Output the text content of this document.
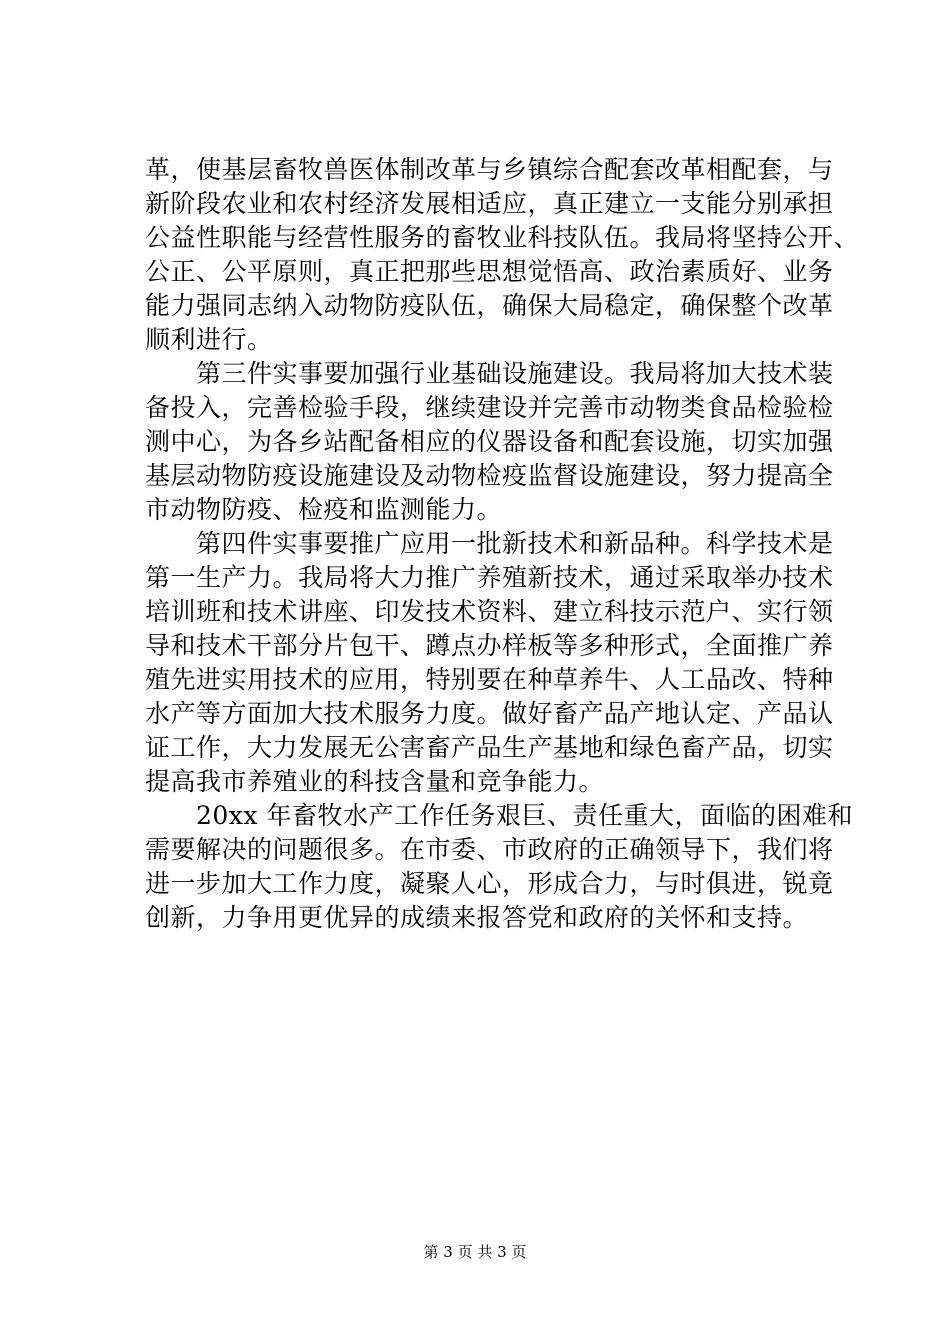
革，使基层畜牧兽医体制改革与乡镇综合配套改革相配套，与
新阶段农业和农村经济发展相适应，真正建立一支能分别承担
公益性职能与经营性服务的畜牧业科技队伍。我局将坚持公开、
公正、公平原则，真正把那些思想觉悟高、政治素质好、业务
能力强同志纳入动物防疫队伍，确保大局稳定，确保整个改革
顺利进行。
　　第三件实事要加强行业基础设施建设。我局将加大技术装
备投入，完善检验手段，继续建设并完善市动物类食品检验检
测中心，为各乡站配备相应的仪器设备和配套设施，切实加强
基层动物防疫设施建设及动物检疫监督设施建设，努力提高全
市动物防疫、检疫和监测能力。
　　第四件实事要推广应用一批新技术和新品种。科学技术是
第一生产力。我局将大力推广养殖新技术，通过采取举办技术
培训班和技术讲座、印发技术资料、建立科技示范户、实行领
导和技术干部分片包干、蹲点办样板等多种形式，全面推广养
殖先进实用技术的应用，特别要在种草养牛、人工品改、特种
水产等方面加大技术服务力度。做好畜产品产地认定、产品认
证工作，大力发展无公害畜产品生产基地和绿色畜产品，切实
提高我市养殖业的科技含量和竞争能力。
　　20xx 年畜牧水产工作任务艰巨、责任重大，面临的困难和
需要解决的问题很多。在市委、市政府的正确领导下，我们将
进一步加大工作力度，凝聚人心，形成合力，与时俱进，锐竟
创新，力争用更优异的成绩来报答党和政府的关怀和支持。
第 3 页 共 3 页
